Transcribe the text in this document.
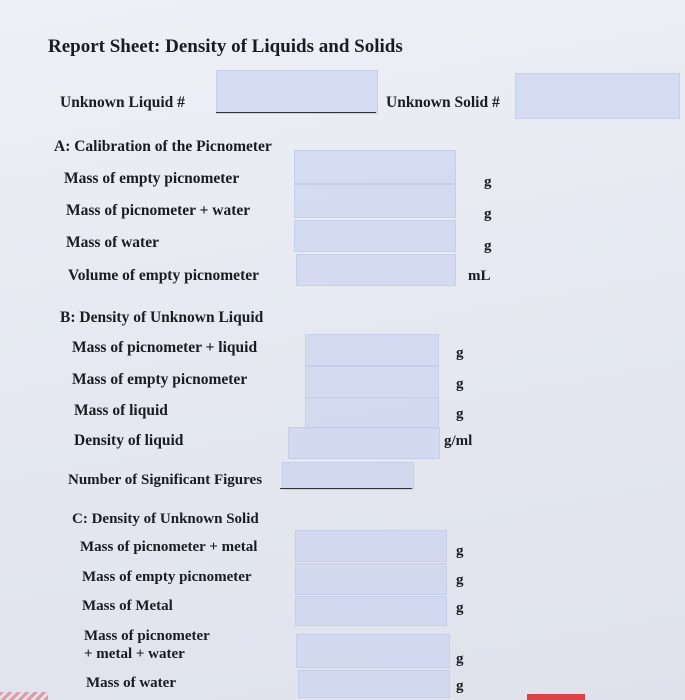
Report Sheet: Density of Liquids and Solids
Unknown Liquid #	Unknown Solid #
A: Calibration of the Picnometer
Mass of empty picnometer	g
Mass of picnometer + water	g
Mass of water	g
Volume of empty picnometer	mL
B: Density of Unknown Liquid
Mass of picnometer + liquid	g
Mass of empty picnometer	g
Mass of liquid	g
Density of liquid	g/ml
Number of Significant Figures
C: Density of Unknown Solid
Mass of picnometer + metal	g
Mass of empty picnometer	g
Mass of Metal	g
Mass of picnometer
+ metal + water	g
Mass of water	g
